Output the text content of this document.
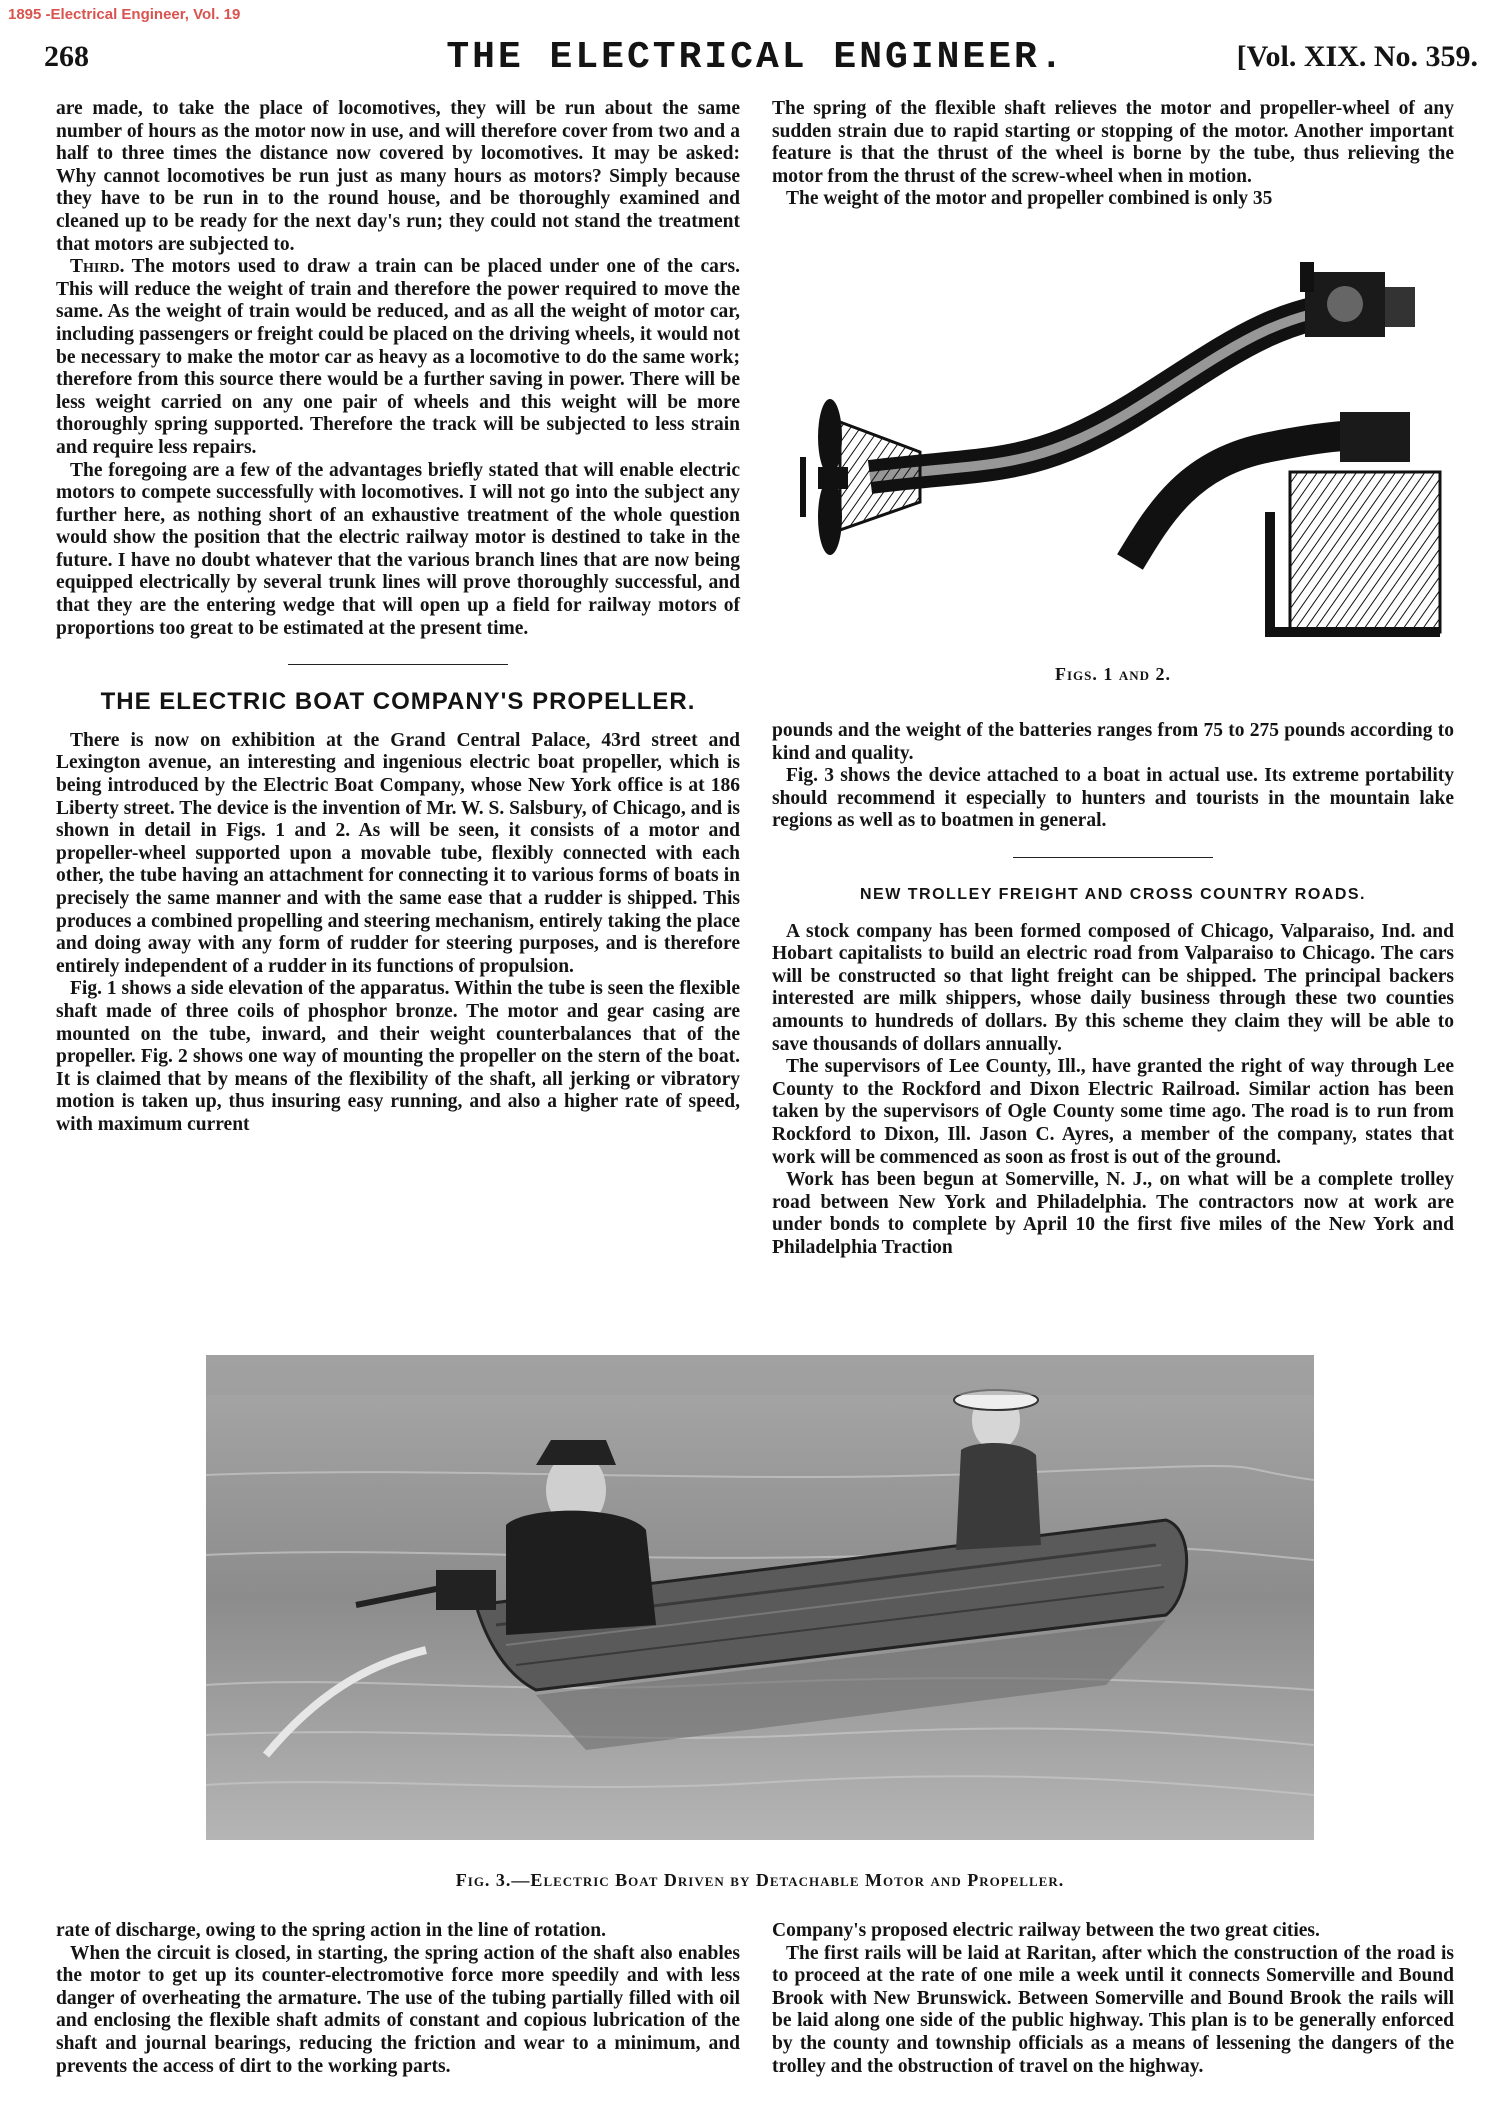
1895 -Electrical Engineer, Vol. 19
268	THE ELECTRICAL ENGINEER.	[Vol. XIX. No. 359.

are made, to take the place of locomotives, they will be run about the same number of hours as the motor now in use, and will therefore cover from two and a half to three times the distance now covered by locomotives. It may be asked: Why cannot locomotives be run just as many hours as motors? Simply because they have to be run in to the round house, and be thoroughly examined and cleaned up to be ready for the next day's run; they could not stand the treatment that motors are subjected to.

Third. The motors used to draw a train can be placed under one of the cars. This will reduce the weight of train and therefore the power required to move the same. As the weight of train would be reduced, and as all the weight of motor car, including passengers or freight could be placed on the driving wheels, it would not be necessary to make the motor car as heavy as a locomotive to do the same work; therefore from this source there would be a further saving in power. There will be less weight carried on any one pair of wheels and this weight will be more thoroughly spring supported. Therefore the track will be subjected to less strain and require less repairs.

The foregoing are a few of the advantages briefly stated that will enable electric motors to compete successfully with locomotives. I will not go into the subject any further here, as nothing short of an exhaustive treatment of the whole question would show the position that the electric railway motor is destined to take in the future. I have no doubt whatever that the various branch lines that are now being equipped electrically by several trunk lines will prove thoroughly successful, and that they are the entering wedge that will open up a field for railway motors of proportions too great to be estimated at the present time.

THE ELECTRIC BOAT COMPANY'S PROPELLER.

There is now on exhibition at the Grand Central Palace, 43rd street and Lexington avenue, an interesting and ingenious electric boat propeller, which is being introduced by the Electric Boat Company, whose New York office is at 186 Liberty street. The device is the invention of Mr. W. S. Salsbury, of Chicago, and is shown in detail in Figs. 1 and 2. As will be seen, it consists of a motor and propeller-wheel supported upon a movable tube, flexibly connected with each other, the tube having an attachment for connecting it to various forms of boats in precisely the same manner and with the same ease that a rudder is shipped. This produces a combined propelling and steering mechanism, entirely taking the place and doing away with any form of rudder for steering purposes, and is therefore entirely independent of a rudder in its functions of propulsion.

Fig. 1 shows a side elevation of the apparatus. Within the tube is seen the flexible shaft made of three coils of phosphor bronze. The motor and gear casing are mounted on the tube, inward, and their weight counterbalances that of the propeller. Fig. 2 shows one way of mounting the propeller on the stern of the boat. It is claimed that by means of the flexibility of the shaft, all jerking or vibratory motion is taken up, thus insuring easy running, and also a higher rate of speed, with maximum current

The spring of the flexible shaft relieves the motor and propeller-wheel of any sudden strain due to rapid starting or stopping of the motor. Another important feature is that the thrust of the wheel is borne by the tube, thus relieving the motor from the thrust of the screw-wheel when in motion.

The weight of the motor and propeller combined is only 35

Figs. 1 and 2.

pounds and the weight of the batteries ranges from 75 to 275 pounds according to kind and quality.

Fig. 3 shows the device attached to a boat in actual use. Its extreme portability should recommend it especially to hunters and tourists in the mountain lake regions as well as to boatmen in general.

NEW TROLLEY FREIGHT AND CROSS COUNTRY ROADS.

A stock company has been formed composed of Chicago, Valparaiso, Ind. and Hobart capitalists to build an electric road from Valparaiso to Chicago. The cars will be constructed so that light freight can be shipped. The principal backers interested are milk shippers, whose daily business through these two counties amounts to hundreds of dollars. By this scheme they claim they will be able to save thousands of dollars annually.

The supervisors of Lee County, Ill., have granted the right of way through Lee County to the Rockford and Dixon Electric Railroad. Similar action has been taken by the supervisors of Ogle County some time ago. The road is to run from Rockford to Dixon, Ill. Jason C. Ayres, a member of the company, states that work will be commenced as soon as frost is out of the ground.

Work has been begun at Somerville, N. J., on what will be a complete trolley road between New York and Philadelphia. The contractors now at work are under bonds to complete by April 10 the first five miles of the New York and Philadelphia Traction

Fig. 3.—Electric Boat Driven by Detachable Motor and Propeller.

rate of discharge, owing to the spring action in the line of rotation.

When the circuit is closed, in starting, the spring action of the shaft also enables the motor to get up its counter-electromotive force more speedily and with less danger of overheating the armature. The use of the tubing partially filled with oil and enclosing the flexible shaft admits of constant and copious lubrication of the shaft and journal bearings, reducing the friction and wear to a minimum, and prevents the access of dirt to the working parts.

Company's proposed electric railway between the two great cities.

The first rails will be laid at Raritan, after which the construction of the road is to proceed at the rate of one mile a week until it connects Somerville and Bound Brook with New Brunswick. Between Somerville and Bound Brook the rails will be laid along one side of the public highway. This plan is to be generally enforced by the county and township officials as a means of lessening the dangers of the trolley and the obstruction of travel on the highway.
